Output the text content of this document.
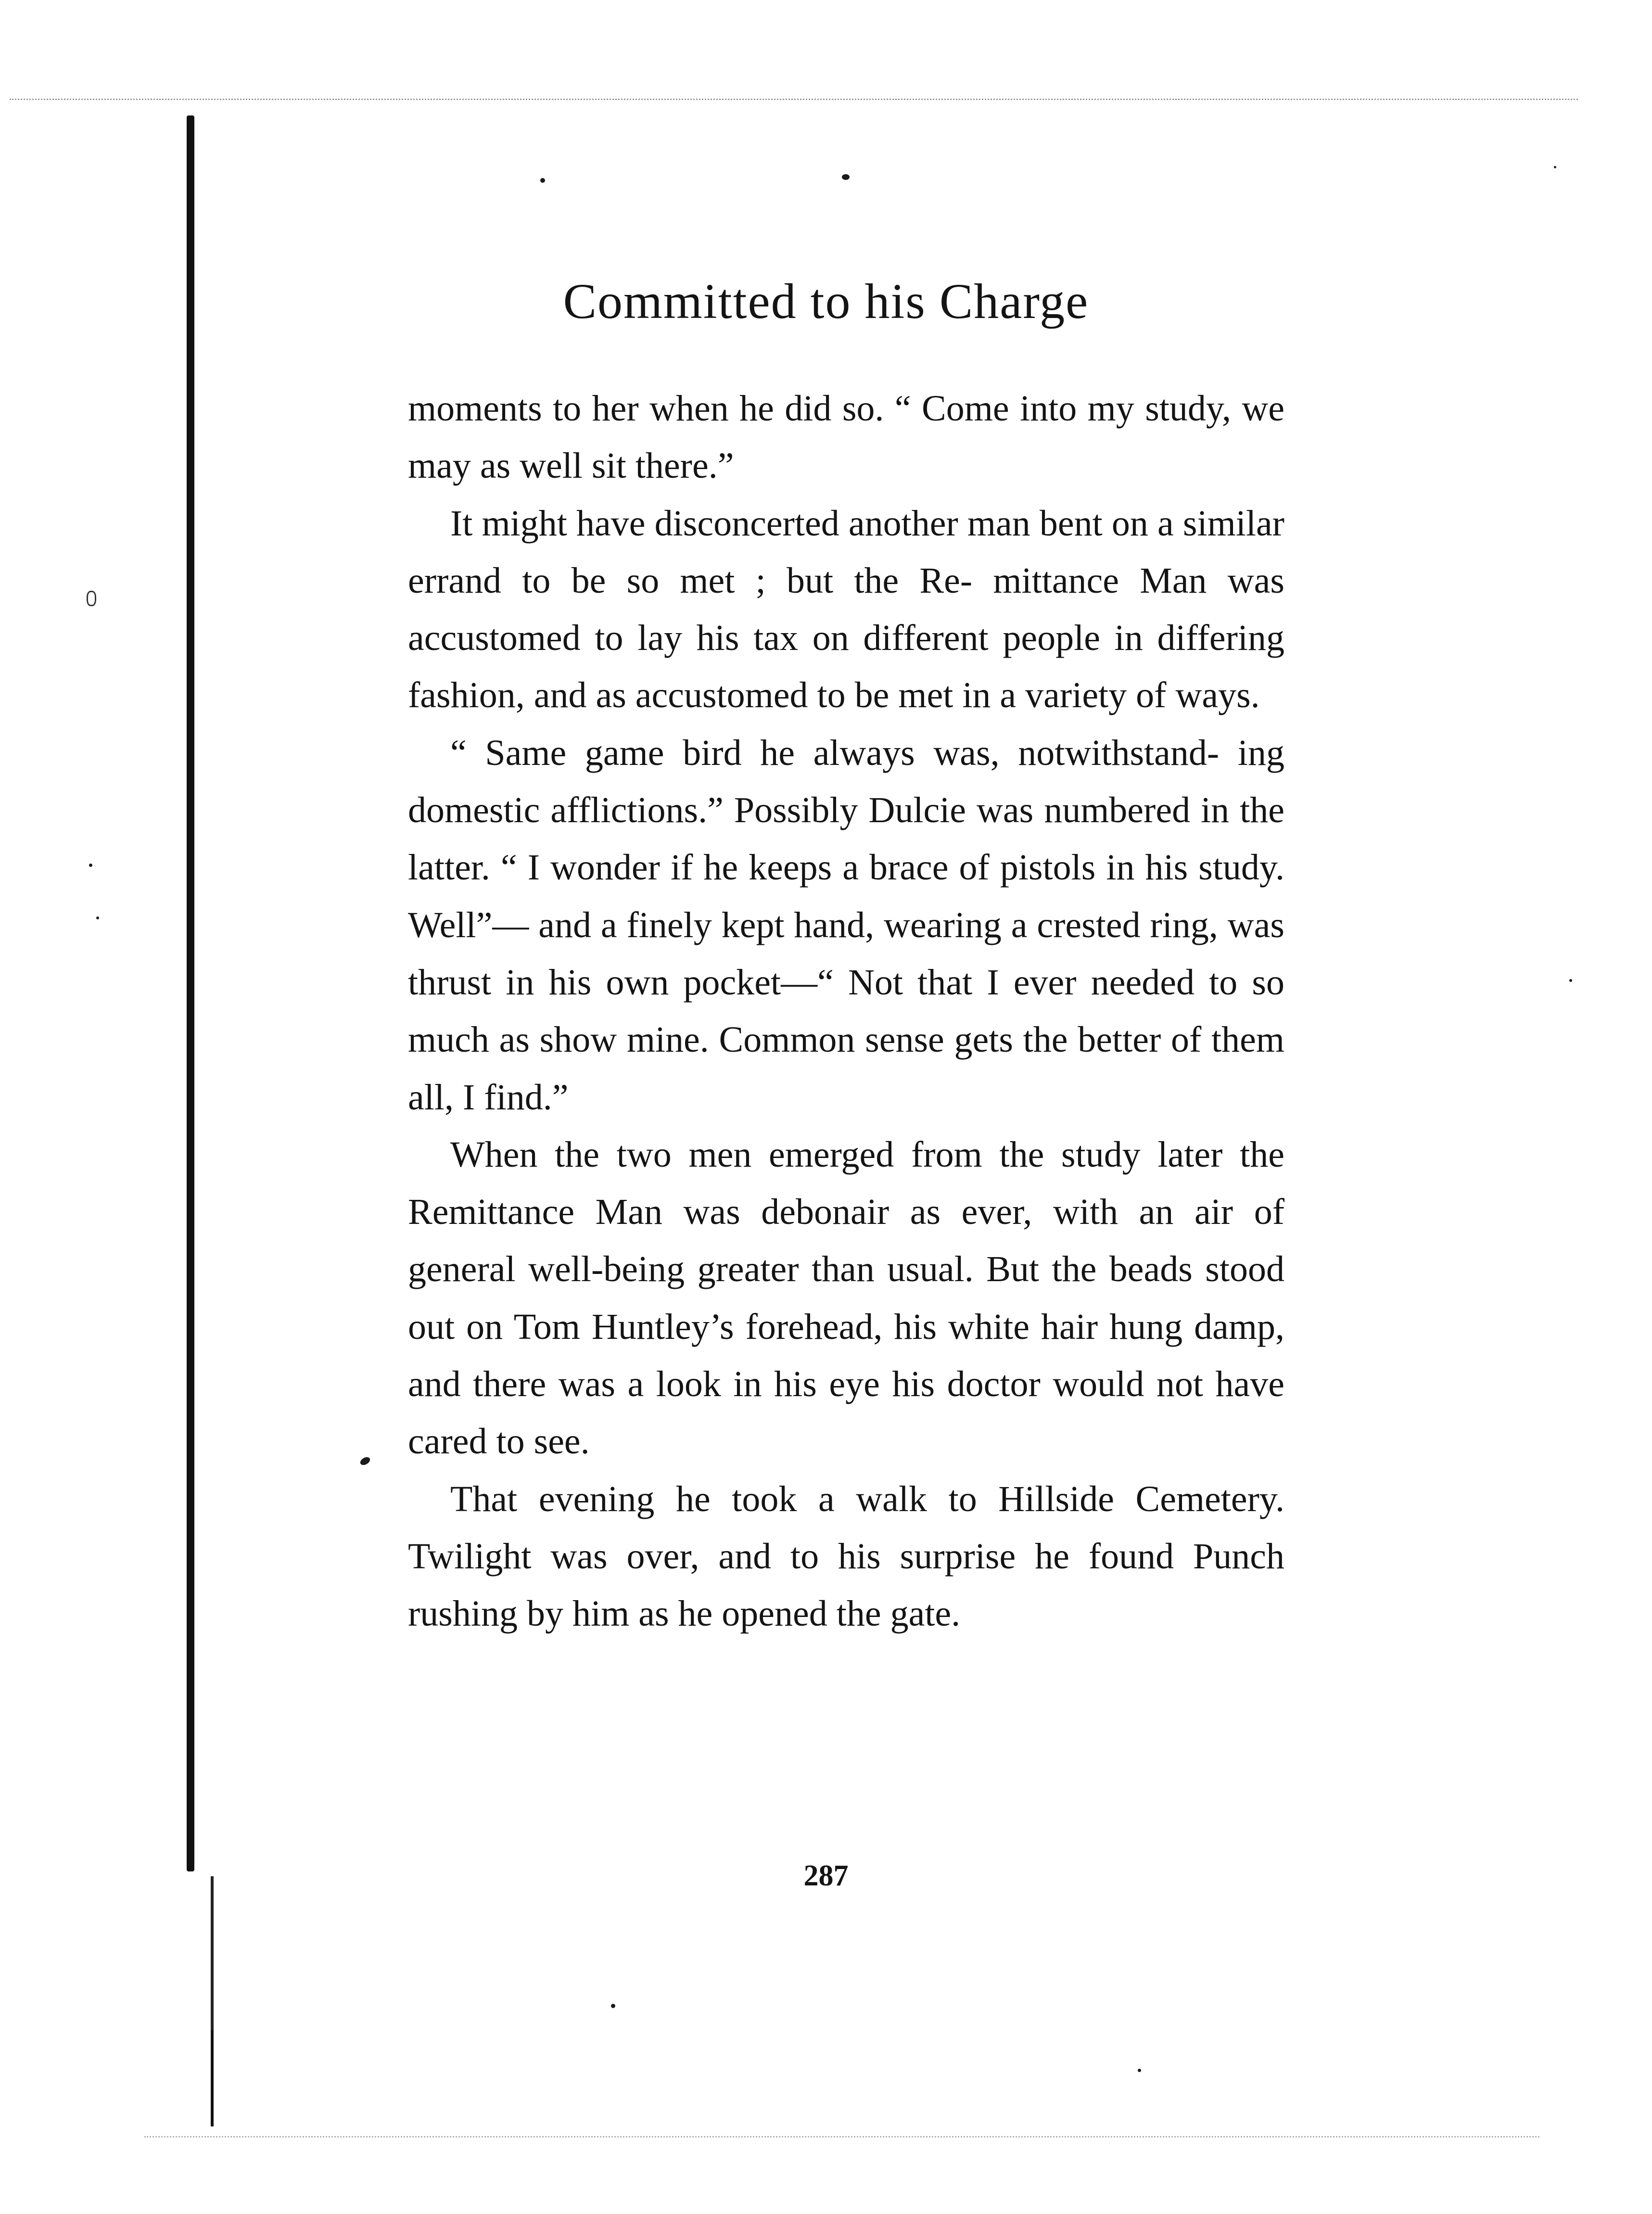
Committed to his Charge

moments to her when he did so. “ Come into my study, we may as well sit there.”

It might have disconcerted another man bent on a similar errand to be so met ; but the Re- mittance Man was accustomed to lay his tax on different people in differing fashion, and as accustomed to be met in a variety of ways.

“ Same game bird he always was, notwithstand- ing domestic afflictions.” Possibly Dulcie was numbered in the latter. “ I wonder if he keeps a brace of pistols in his study. Well”— and a finely kept hand, wearing a crested ring, was thrust in his own pocket—“ Not that I ever needed to so much as show mine. Common sense gets the better of them all, I find.”

When the two men emerged from the study later the Remittance Man was debonair as ever, with an air of general well-being greater than usual. But the beads stood out on Tom Huntley’s forehead, his white hair hung damp, and there was a look in his eye his doctor would not have cared to see.

That evening he took a walk to Hillside Cemetery. Twilight was over, and to his surprise he found Punch rushing by him as he opened the gate.

287
